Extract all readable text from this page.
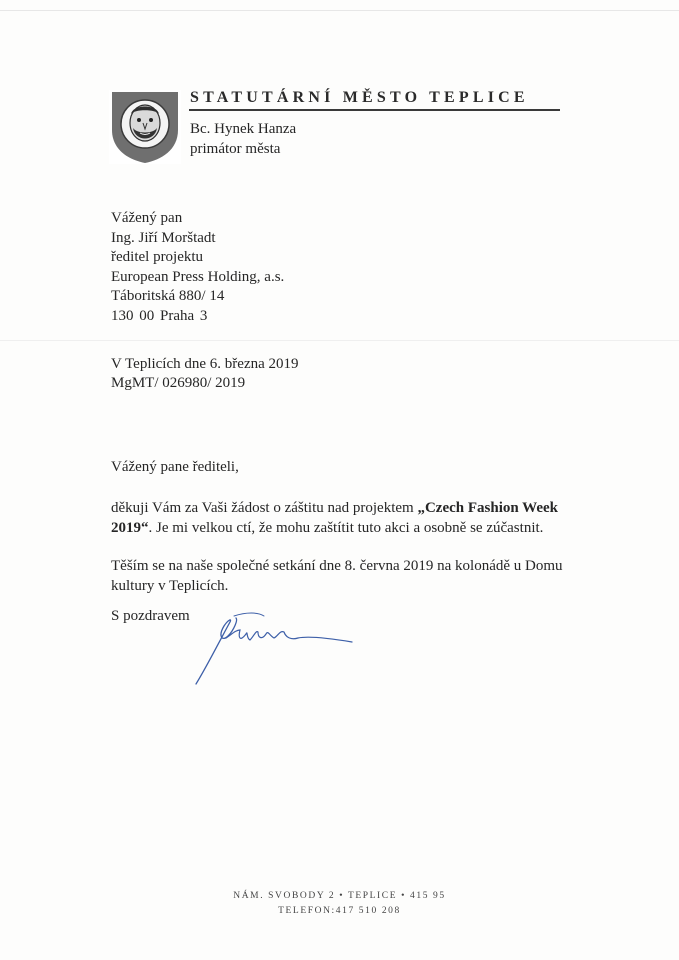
STATUTÁRNÍ MĚSTO TEPLICE
Bc. Hynek Hanza
primátor města
Vážený pan
Ing. Jiří Morštadt
ředitel projektu
European Press Holding, a.s.
Táboritská 880/ 14
130 00 Praha 3
V Teplicích dne 6. března 2019
MgMT/ 026980/ 2019
Vážený pane řediteli,
děkuji Vám za Vaši žádost o záštitu nad projektem „Czech Fashion Week 2019“. Je mi velkou ctí, že mohu zaštítit tuto akci a osobně se zúčastnit.
Těším se na naše společné setkání dne 8. června 2019 na kolonádě u Domu kultury v Teplicích.
S pozdravem
NÁM. SVOBODY 2 • TEPLICE • 415 95
TELEFON:417 510 208
